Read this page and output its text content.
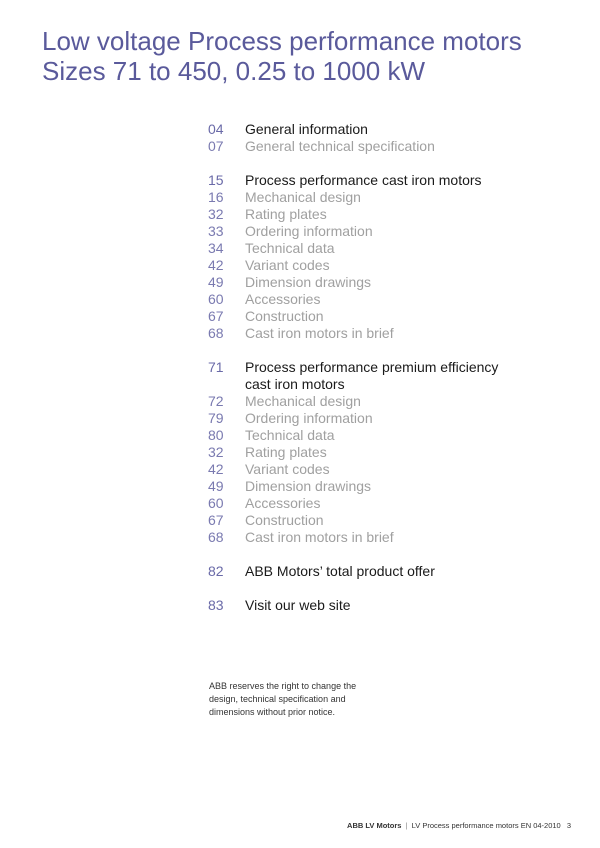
Low voltage Process performance motors
Sizes 71 to 450, 0.25 to 1000 kW
04	General information
07	General technical specification
15	Process performance cast iron motors
16	Mechanical design
32	Rating plates
33	Ordering information
34	Technical data
42	Variant codes
49	Dimension drawings
60	Accessories
67	Construction
68	Cast iron motors in brief
71	Process performance premium efficiency
cast iron motors
72	Mechanical design
79	Ordering information
80	Technical data
32	Rating plates
42	Variant codes
49	Dimension drawings
60	Accessories
67	Construction
68	Cast iron motors in brief
82	ABB Motors’ total product offer
83	Visit our web site
ABB reserves the right to change the
design, technical specification and
dimensions without prior notice.
ABB LV Motors | LV Process performance motors EN 04-2010 3
